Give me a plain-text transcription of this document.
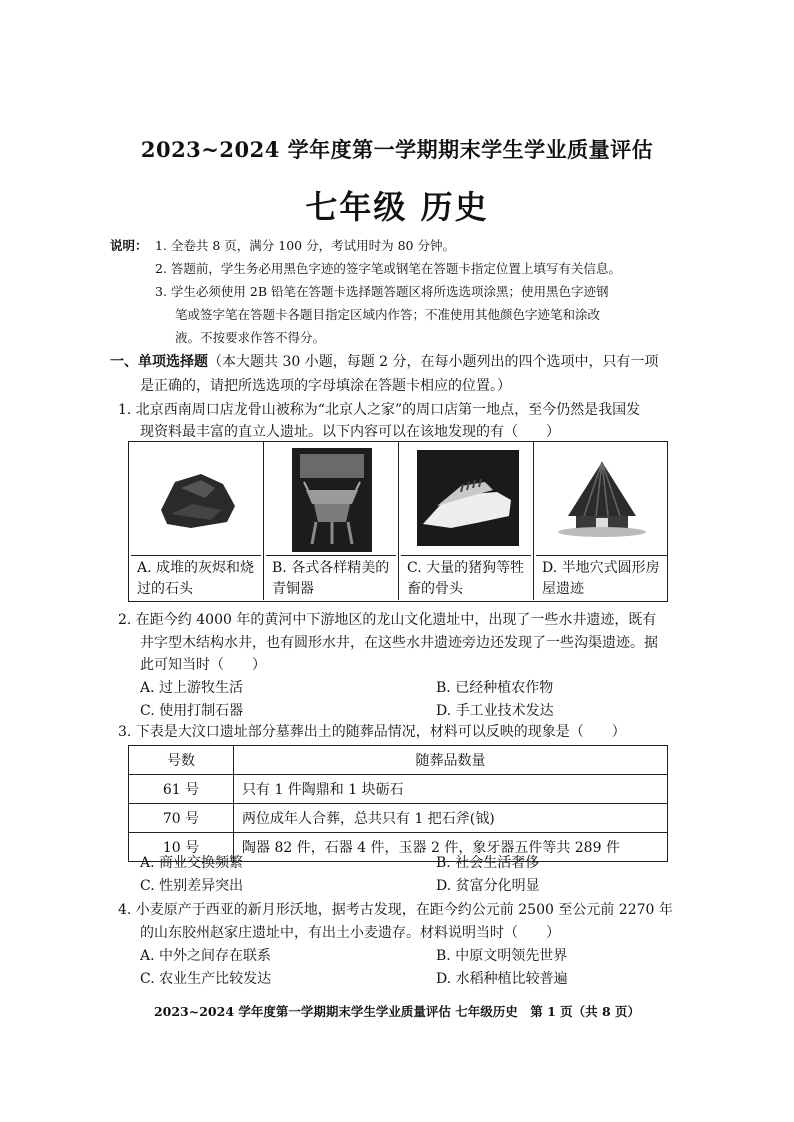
2023~2024 学年度第一学期期末学生学业质量评估
七年级 历史
说明： 1. 全卷共 8 页，满分 100 分，考试用时为 80 分钟。
2. 答题前，学生务必用黑色字迹的签字笔或钢笔在答题卡指定位置上填写有关信息。
3. 学生必须使用 2B 铅笔在答题卡选择题答题区将所选选项涂黑；使用黑色字迹钢
笔或签字笔在答题卡各题目指定区域内作答；不准使用其他颜色字迹笔和涂改
液。不按要求作答不得分。
一、单项选择题（本大题共 30 小题，每题 2 分，在每小题列出的四个选项中，只有一项
是正确的，请把所选选项的字母填涂在答题卡相应的位置。）
1. 北京西南周口店龙骨山被称为“北京人之家”的周口店第一地点，至今仍然是我国发
现资料最丰富的直立人遗址。以下内容可以在该地发现的有（　　）
A. 成堆的灰烬和烧过的石头
B. 各式各样精美的青铜器
C. 大量的猪狗等牲畜的骨头
D. 半地穴式圆形房屋遗迹
2. 在距今约 4000 年的黄河中下游地区的龙山文化遗址中，出现了一些水井遗迹，既有
井字型木结构水井，也有圆形水井，在这些水井遗迹旁边还发现了一些沟渠遗迹。据
此可知当时（　　）
A. 过上游牧生活	B. 已经种植农作物
C. 使用打制石器	D. 手工业技术发达
3. 下表是大汶口遗址部分墓葬出土的随葬品情况，材料可以反映的现象是（　　）
号数	随葬品数量
61 号	只有 1 件陶鼎和 1 块砺石
70 号	两位成年人合葬，总共只有 1 把石斧(钺)
10 号	陶器 82 件，石器 4 件，玉器 2 件，象牙器五件等共 289 件
A. 商业交换频繁	B. 社会生活奢侈
C. 性别差异突出	D. 贫富分化明显
4. 小麦原产于西亚的新月形沃地，据考古发现，在距今约公元前 2500 至公元前 2270 年
的山东胶州赵家庄遗址中，有出土小麦遗存。材料说明当时（　　）
A. 中外之间存在联系	B. 中原文明领先世界
C. 农业生产比较发达	D. 水稻种植比较普遍
2023~2024 学年度第一学期期末学生学业质量评估 七年级历史　第 1 页（共 8 页）
